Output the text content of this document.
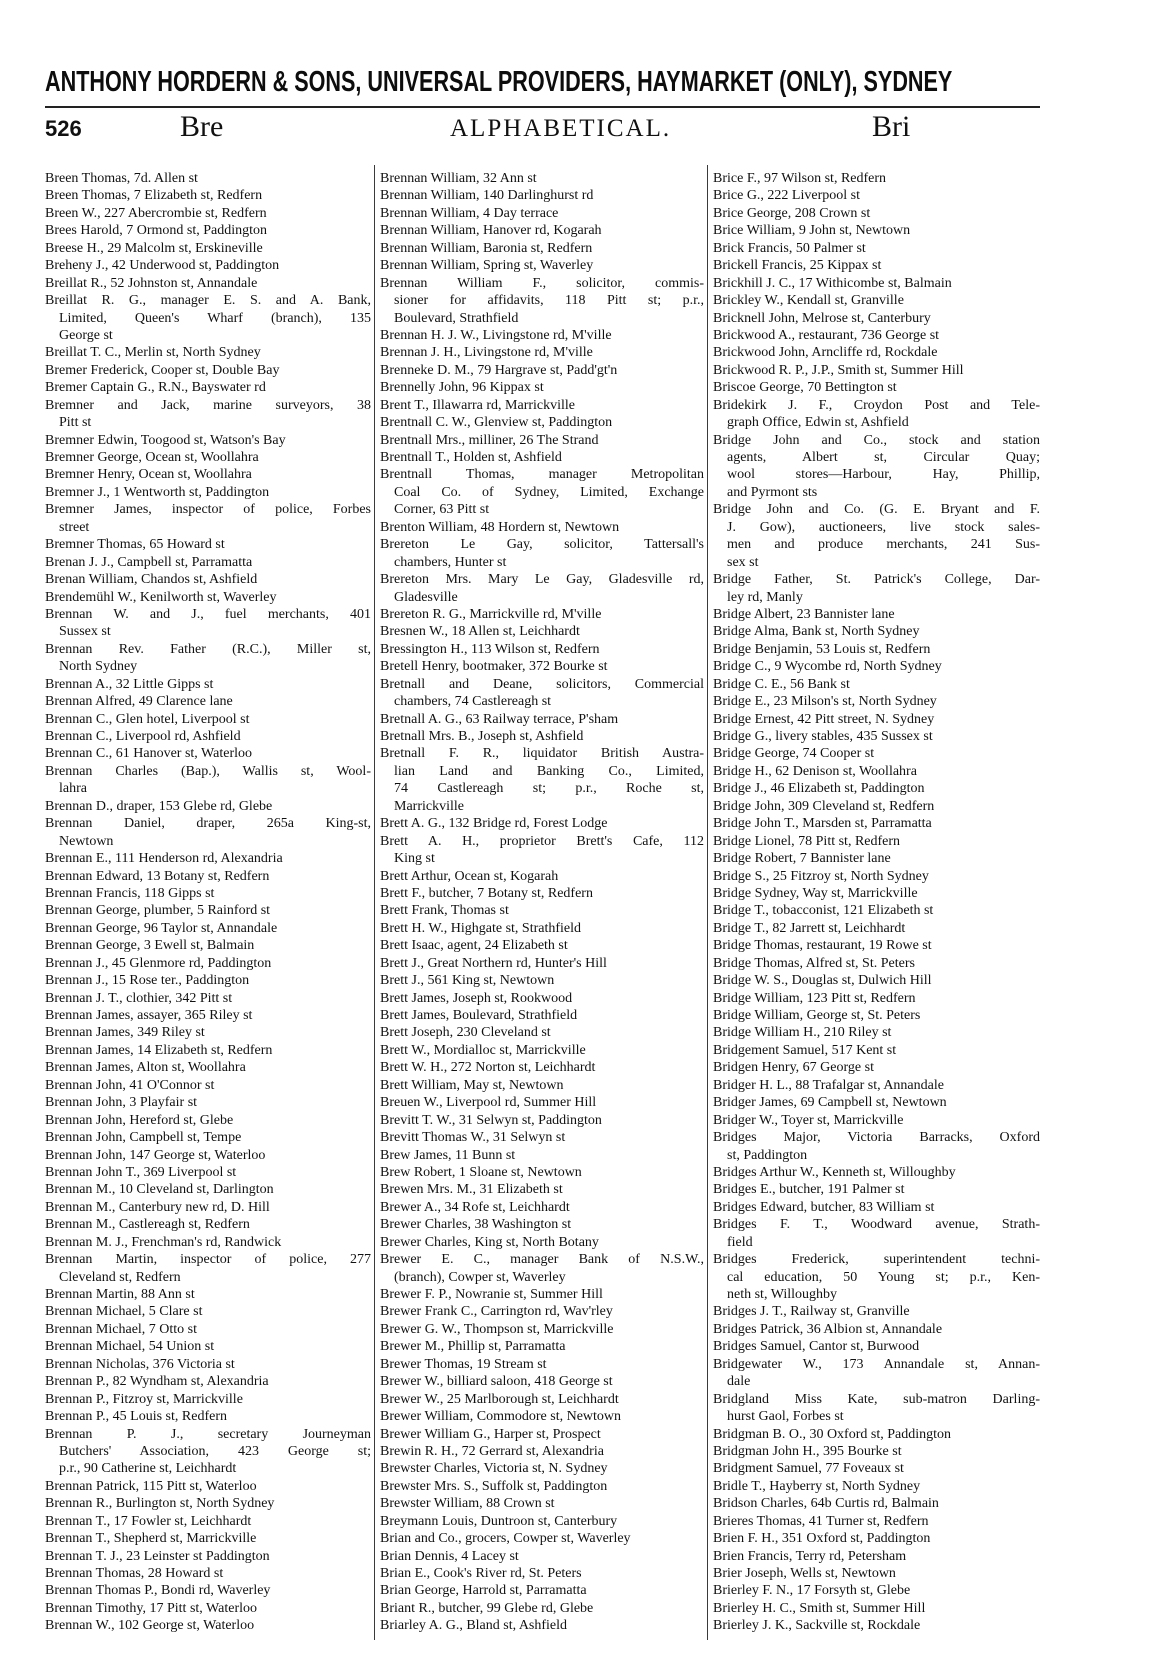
ANTHONY HORDERN & SONS, UNIVERSAL PROVIDERS, HAYMARKET (ONLY), SYDNEY
526	Bre	ALPHABETICAL.	Bri
Breen Thomas, 7d. Allen st
Breen Thomas, 7 Elizabeth st, Redfern
Breen W., 227 Abercrombie st, Redfern
Brees Harold, 7 Ormond st, Paddington
Breese H., 29 Malcolm st, Erskineville
Breheny J., 42 Underwood st, Paddington
Breillat R., 52 Johnston st, Annandale
Breillat R. G., manager E. S. and A. Bank,
Limited, Queen's Wharf (branch), 135
George st
Breillat T. C., Merlin st, North Sydney
Bremer Frederick, Cooper st, Double Bay
Bremer Captain G., R.N., Bayswater rd
Bremner and Jack, marine surveyors, 38
Pitt st
Bremner Edwin, Toogood st, Watson's Bay
Bremner George, Ocean st, Woollahra
Bremner Henry, Ocean st, Woollahra
Bremner J., 1 Wentworth st, Paddington
Bremner James, inspector of police, Forbes
street
Bremner Thomas, 65 Howard st
Brenan J. J., Campbell st, Parramatta
Brenan William, Chandos st, Ashfield
Brendemühl W., Kenilworth st, Waverley
Brennan W. and J., fuel merchants, 401
Sussex st
Brennan Rev. Father (R.C.), Miller st,
North Sydney
Brennan A., 32 Little Gipps st
Brennan Alfred, 49 Clarence lane
Brennan C., Glen hotel, Liverpool st
Brennan C., Liverpool rd, Ashfield
Brennan C., 61 Hanover st, Waterloo
Brennan Charles (Bap.), Wallis st, Wool-
lahra
Brennan D., draper, 153 Glebe rd, Glebe
Brennan Daniel, draper, 265a King-st,
Newtown
Brennan E., 111 Henderson rd, Alexandria
Brennan Edward, 13 Botany st, Redfern
Brennan Francis, 118 Gipps st
Brennan George, plumber, 5 Rainford st
Brennan George, 96 Taylor st, Annandale
Brennan George, 3 Ewell st, Balmain
Brennan J., 45 Glenmore rd, Paddington
Brennan J., 15 Rose ter., Paddington
Brennan J. T., clothier, 342 Pitt st
Brennan James, assayer, 365 Riley st
Brennan James, 349 Riley st
Brennan James, 14 Elizabeth st, Redfern
Brennan James, Alton st, Woollahra
Brennan John, 41 O'Connor st
Brennan John, 3 Playfair st
Brennan John, Hereford st, Glebe
Brennan John, Campbell st, Tempe
Brennan John, 147 George st, Waterloo
Brennan John T., 369 Liverpool st
Brennan M., 10 Cleveland st, Darlington
Brennan M., Canterbury new rd, D. Hill
Brennan M., Castlereagh st, Redfern
Brennan M. J., Frenchman's rd, Randwick
Brennan Martin, inspector of police, 277
Cleveland st, Redfern
Brennan Martin, 88 Ann st
Brennan Michael, 5 Clare st
Brennan Michael, 7 Otto st
Brennan Michael, 54 Union st
Brennan Nicholas, 376 Victoria st
Brennan P., 82 Wyndham st, Alexandria
Brennan P., Fitzroy st, Marrickville
Brennan P., 45 Louis st, Redfern
Brennan P. J., secretary Journeyman
Butchers' Association, 423 George st;
p.r., 90 Catherine st, Leichhardt
Brennan Patrick, 115 Pitt st, Waterloo
Brennan R., Burlington st, North Sydney
Brennan T., 17 Fowler st, Leichhardt
Brennan T., Shepherd st, Marrickville
Brennan T. J., 23 Leinster st Paddington
Brennan Thomas, 28 Howard st
Brennan Thomas P., Bondi rd, Waverley
Brennan Timothy, 17 Pitt st, Waterloo
Brennan W., 102 George st, Waterloo
Brennan William, 32 Ann st
Brennan William, 140 Darlinghurst rd
Brennan William, 4 Day terrace
Brennan William, Hanover rd, Kogarah
Brennan William, Baronia st, Redfern
Brennan William, Spring st, Waverley
Brennan William F., solicitor, commis-
sioner for affidavits, 118 Pitt st; p.r.,
Boulevard, Strathfield
Brennan H. J. W., Livingstone rd, M'ville
Brennan J. H., Livingstone rd, M'ville
Brenneke D. M., 79 Hargrave st, Padd'gt'n
Brennelly John, 96 Kippax st
Brent T., Illawarra rd, Marrickville
Brentnall C. W., Glenview st, Paddington
Brentnall Mrs., milliner, 26 The Strand
Brentnall T., Holden st, Ashfield
Brentnall Thomas, manager Metropolitan
Coal Co. of Sydney, Limited, Exchange
Corner, 63 Pitt st
Brenton William, 48 Hordern st, Newtown
Brereton Le Gay, solicitor, Tattersall's
chambers, Hunter st
Brereton Mrs. Mary Le Gay, Gladesville rd,
Gladesville
Brereton R. G., Marrickville rd, M'ville
Bresnen W., 18 Allen st, Leichhardt
Bressington H., 113 Wilson st, Redfern
Bretell Henry, bootmaker, 372 Bourke st
Bretnall and Deane, solicitors, Commercial
chambers, 74 Castlereagh st
Bretnall A. G., 63 Railway terrace, P'sham
Bretnall Mrs. B., Joseph st, Ashfield
Bretnall F. R., liquidator British Austra-
lian Land and Banking Co., Limited,
74 Castlereagh st; p.r., Roche st,
Marrickville
Brett A. G., 132 Bridge rd, Forest Lodge
Brett A. H., proprietor Brett's Cafe, 112
King st
Brett Arthur, Ocean st, Kogarah
Brett F., butcher, 7 Botany st, Redfern
Brett Frank, Thomas st
Brett H. W., Highgate st, Strathfield
Brett Isaac, agent, 24 Elizabeth st
Brett J., Great Northern rd, Hunter's Hill
Brett J., 561 King st, Newtown
Brett James, Joseph st, Rookwood
Brett James, Boulevard, Strathfield
Brett Joseph, 230 Cleveland st
Brett W., Mordialloc st, Marrickville
Brett W. H., 272 Norton st, Leichhardt
Brett William, May st, Newtown
Breuen W., Liverpool rd, Summer Hill
Brevitt T. W., 31 Selwyn st, Paddington
Brevitt Thomas W., 31 Selwyn st
Brew James, 11 Bunn st
Brew Robert, 1 Sloane st, Newtown
Brewen Mrs. M., 31 Elizabeth st
Brewer A., 34 Rofe st, Leichhardt
Brewer Charles, 38 Washington st
Brewer Charles, King st, North Botany
Brewer E. C., manager Bank of N.S.W.,
(branch), Cowper st, Waverley
Brewer F. P., Nowranie st, Summer Hill
Brewer Frank C., Carrington rd, Wav'rley
Brewer G. W., Thompson st, Marrickville
Brewer M., Phillip st, Parramatta
Brewer Thomas, 19 Stream st
Brewer W., billiard saloon, 418 George st
Brewer W., 25 Marlborough st, Leichhardt
Brewer William, Commodore st, Newtown
Brewer William G., Harper st, Prospect
Brewin R. H., 72 Gerrard st, Alexandria
Brewster Charles, Victoria st, N. Sydney
Brewster Mrs. S., Suffolk st, Paddington
Brewster William, 88 Crown st
Breymann Louis, Duntroon st, Canterbury
Brian and Co., grocers, Cowper st, Waverley
Brian Dennis, 4 Lacey st
Brian E., Cook's River rd, St. Peters
Brian George, Harrold st, Parramatta
Briant R., butcher, 99 Glebe rd, Glebe
Briarley A. G., Bland st, Ashfield
Brice F., 97 Wilson st, Redfern
Brice G., 222 Liverpool st
Brice George, 208 Crown st
Brice William, 9 John st, Newtown
Brick Francis, 50 Palmer st
Brickell Francis, 25 Kippax st
Brickhill J. C., 17 Withicombe st, Balmain
Brickley W., Kendall st, Granville
Bricknell John, Melrose st, Canterbury
Brickwood A., restaurant, 736 George st
Brickwood John, Arncliffe rd, Rockdale
Brickwood R. P., J.P., Smith st, Summer Hill
Briscoe George, 70 Bettington st
Bridekirk J. F., Croydon Post and Tele-
graph Office, Edwin st, Ashfield
Bridge John and Co., stock and station
agents, Albert st, Circular Quay;
wool stores—Harbour, Hay, Phillip,
and Pyrmont sts
Bridge John and Co. (G. E. Bryant and F.
J. Gow), auctioneers, live stock sales-
men and produce merchants, 241 Sus-
sex st
Bridge Father, St. Patrick's College, Dar-
ley rd, Manly
Bridge Albert, 23 Bannister lane
Bridge Alma, Bank st, North Sydney
Bridge Benjamin, 53 Louis st, Redfern
Bridge C., 9 Wycombe rd, North Sydney
Bridge C. E., 56 Bank st
Bridge E., 23 Milson's st, North Sydney
Bridge Ernest, 42 Pitt street, N. Sydney
Bridge G., livery stables, 435 Sussex st
Bridge George, 74 Cooper st
Bridge H., 62 Denison st, Woollahra
Bridge J., 46 Elizabeth st, Paddington
Bridge John, 309 Cleveland st, Redfern
Bridge John T., Marsden st, Parramatta
Bridge Lionel, 78 Pitt st, Redfern
Bridge Robert, 7 Bannister lane
Bridge S., 25 Fitzroy st, North Sydney
Bridge Sydney, Way st, Marrickville
Bridge T., tobacconist, 121 Elizabeth st
Bridge T., 82 Jarrett st, Leichhardt
Bridge Thomas, restaurant, 19 Rowe st
Bridge Thomas, Alfred st, St. Peters
Bridge W. S., Douglas st, Dulwich Hill
Bridge William, 123 Pitt st, Redfern
Bridge William, George st, St. Peters
Bridge William H., 210 Riley st
Bridgement Samuel, 517 Kent st
Bridgen Henry, 67 George st
Bridger H. L., 88 Trafalgar st, Annandale
Bridger James, 69 Campbell st, Newtown
Bridger W., Toyer st, Marrickville
Bridges Major, Victoria Barracks, Oxford
st, Paddington
Bridges Arthur W., Kenneth st, Willoughby
Bridges E., butcher, 191 Palmer st
Bridges Edward, butcher, 83 William st
Bridges F. T., Woodward avenue, Strath-
field
Bridges Frederick, superintendent techni-
cal education, 50 Young st; p.r., Ken-
neth st, Willoughby
Bridges J. T., Railway st, Granville
Bridges Patrick, 36 Albion st, Annandale
Bridges Samuel, Cantor st, Burwood
Bridgewater W., 173 Annandale st, Annan-
dale
Bridgland Miss Kate, sub-matron Darling-
hurst Gaol, Forbes st
Bridgman B. O., 30 Oxford st, Paddington
Bridgman John H., 395 Bourke st
Bridgment Samuel, 77 Foveaux st
Bridle T., Hayberry st, North Sydney
Bridson Charles, 64b Curtis rd, Balmain
Brieres Thomas, 41 Turner st, Redfern
Brien F. H., 351 Oxford st, Paddington
Brien Francis, Terry rd, Petersham
Brier Joseph, Wells st, Newtown
Brierley F. N., 17 Forsyth st, Glebe
Brierley H. C., Smith st, Summer Hill
Brierley J. K., Sackville st, Rockdale
